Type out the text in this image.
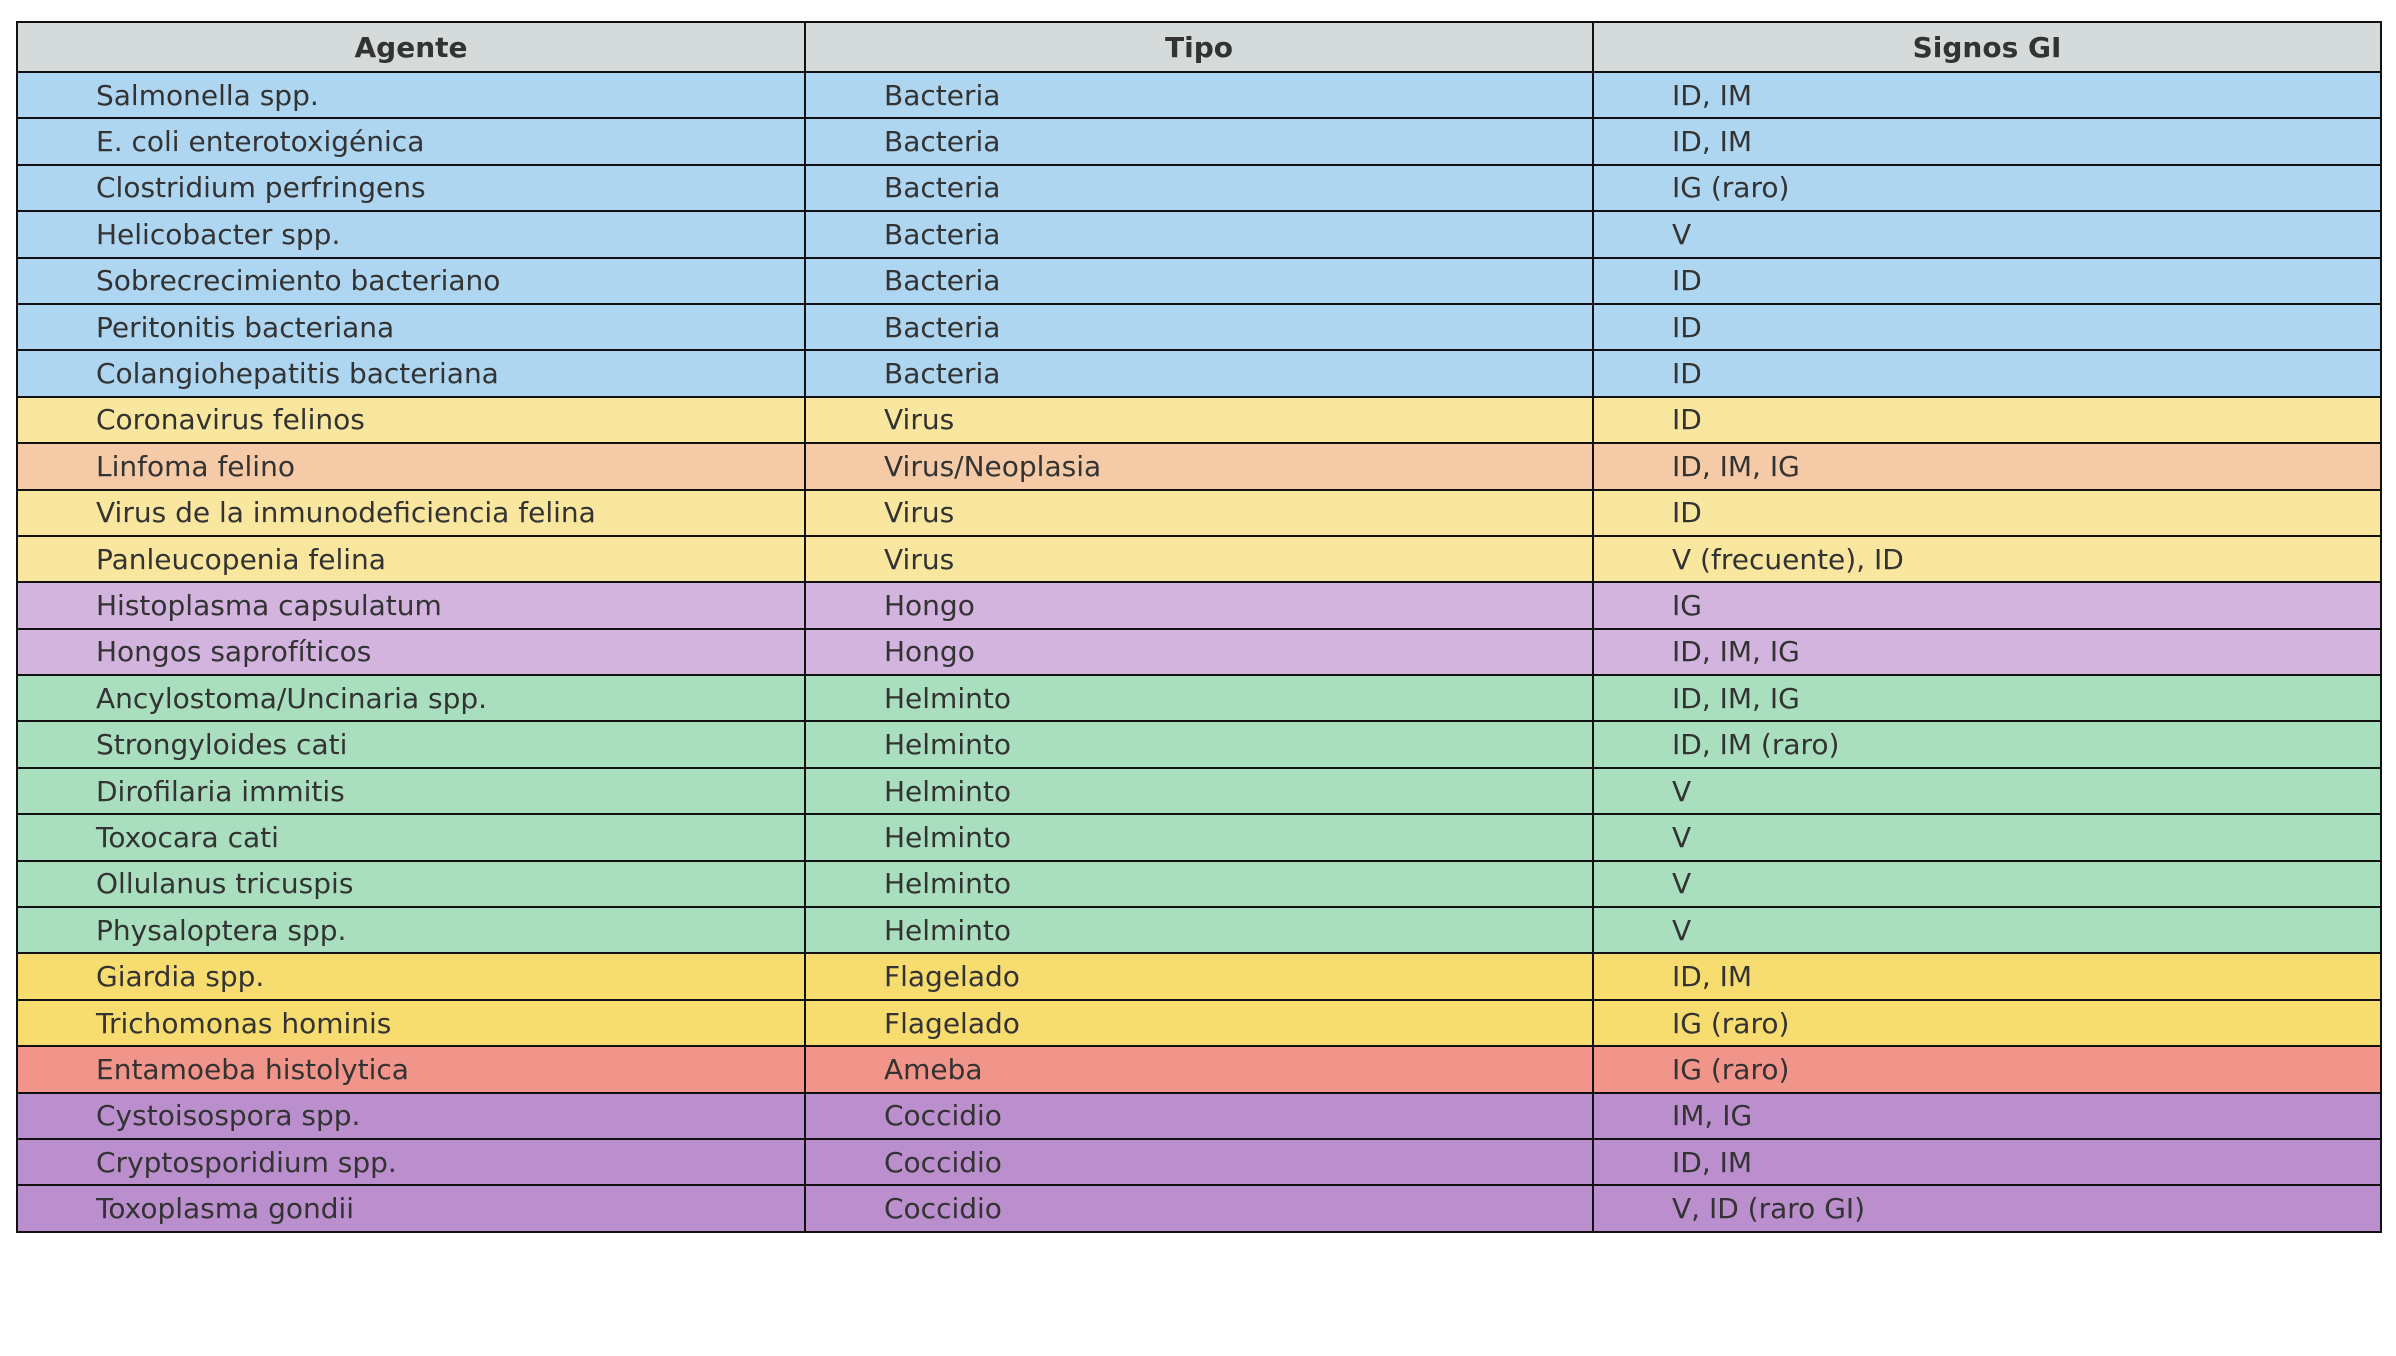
Agente	Tipo	Signos GI
Salmonella spp.	Bacteria	ID, IM
E. coli enterotoxigénica	Bacteria	ID, IM
Clostridium perfringens	Bacteria	IG (raro)
Helicobacter spp.	Bacteria	V
Sobrecrecimiento bacteriano	Bacteria	ID
Peritonitis bacteriana	Bacteria	ID
Colangiohepatitis bacteriana	Bacteria	ID
Coronavirus felinos	Virus	ID
Linfoma felino	Virus/Neoplasia	ID, IM, IG
Virus de la inmunodeficiencia felina	Virus	ID
Panleucopenia felina	Virus	V (frecuente), ID
Histoplasma capsulatum	Hongo	IG
Hongos saprofíticos	Hongo	ID, IM, IG
Ancylostoma/Uncinaria spp.	Helminto	ID, IM, IG
Strongyloides cati	Helminto	ID, IM (raro)
Dirofilaria immitis	Helminto	V
Toxocara cati	Helminto	V
Ollulanus tricuspis	Helminto	V
Physaloptera spp.	Helminto	V
Giardia spp.	Flagelado	ID, IM
Trichomonas hominis	Flagelado	IG (raro)
Entamoeba histolytica	Ameba	IG (raro)
Cystoisospora spp.	Coccidio	IM, IG
Cryptosporidium spp.	Coccidio	ID, IM
Toxoplasma gondii	Coccidio	V, ID (raro GI)
